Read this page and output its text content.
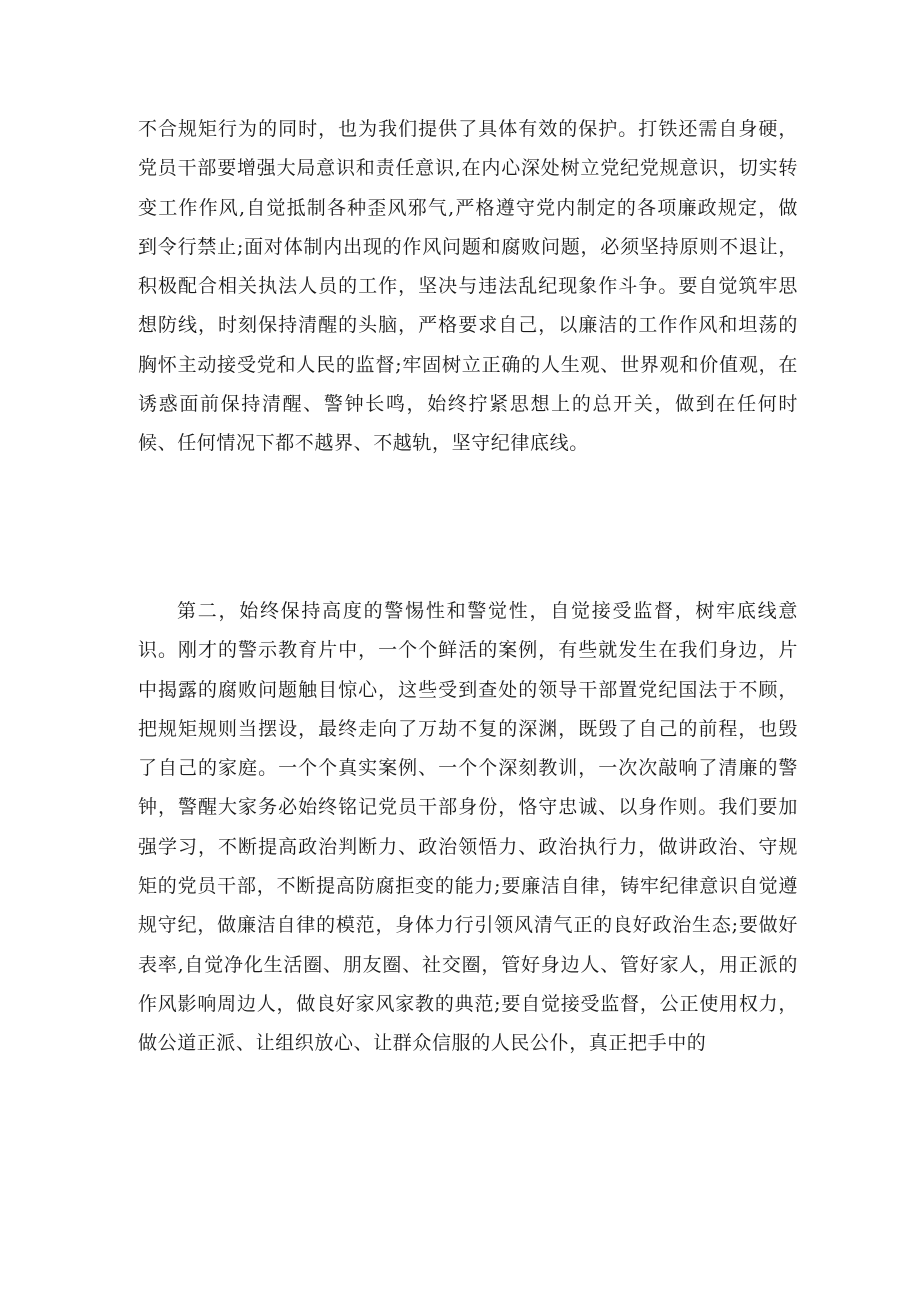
不合规矩行为的同时，也为我们提供了具体有效的保护。打铁还需自身硬，党员干部要增强大局意识和责任意识,在内心深处树立党纪党规意识，切实转变工作作风,自觉抵制各种歪风邪气,严格遵守党内制定的各项廉政规定，做到令行禁止;面对体制内出现的作风问题和腐败问题，必须坚持原则不退让，积极配合相关执法人员的工作，坚决与违法乱纪现象作斗争。要自觉筑牢思想防线，时刻保持清醒的头脑，严格要求自己，以廉洁的工作作风和坦荡的胸怀主动接受党和人民的监督;牢固树立正确的人生观、世界观和价值观，在诱惑面前保持清醒、警钟长鸣，始终拧紧思想上的总开关，做到在任何时候、任何情况下都不越界、不越轨，坚守纪律底线。

第二，始终保持高度的警惕性和警觉性，自觉接受监督，树牢底线意识。刚才的警示教育片中，一个个鲜活的案例，有些就发生在我们身边，片中揭露的腐败问题触目惊心，这些受到查处的领导干部置党纪国法于不顾，把规矩规则当摆设，最终走向了万劫不复的深渊，既毁了自己的前程，也毁了自己的家庭。一个个真实案例、一个个深刻教训，一次次敲响了清廉的警钟，警醒大家务必始终铭记党员干部身份，恪守忠诚、以身作则。我们要加强学习，不断提高政治判断力、政治领悟力、政治执行力，做讲政治、守规矩的党员干部，不断提高防腐拒变的能力;要廉洁自律，铸牢纪律意识自觉遵规守纪，做廉洁自律的模范，身体力行引领风清气正的良好政治生态;要做好表率,自觉净化生活圈、朋友圈、社交圈，管好身边人、管好家人，用正派的作风影响周边人，做良好家风家教的典范;要自觉接受监督，公正使用权力，做公道正派、让组织放心、让群众信服的人民公仆，真正把手中的
